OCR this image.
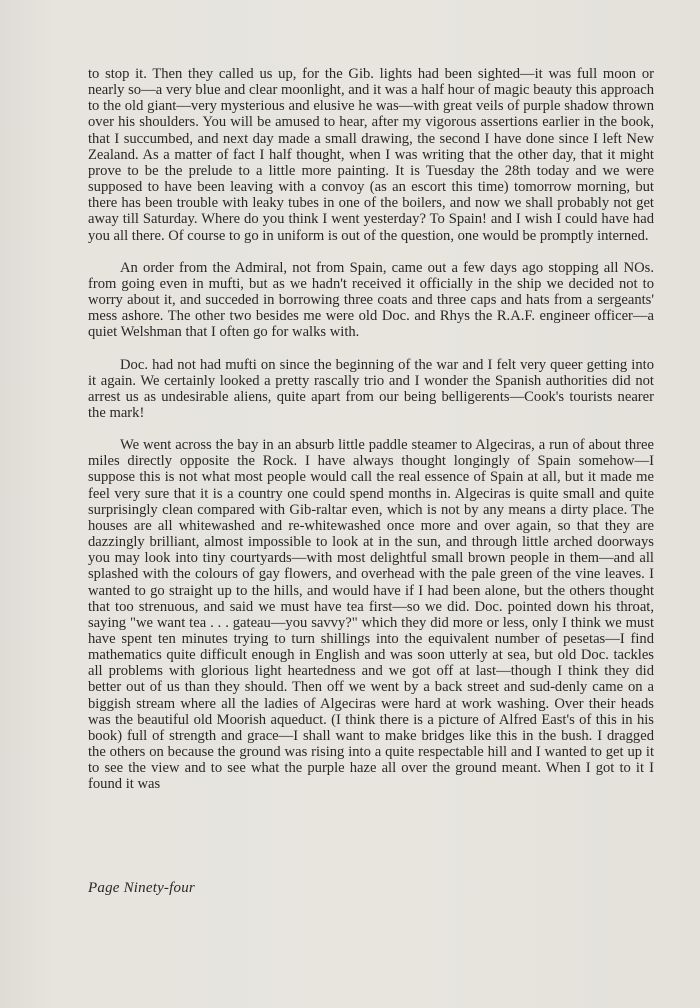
to stop it. Then they called us up, for the Gib. lights had been sighted—it was full moon or nearly so—a very blue and clear moonlight, and it was a half hour of magic beauty this approach to the old giant—very mysterious and elusive he was—with great veils of purple shadow thrown over his shoulders. You will be amused to hear, after my vigorous assertions earlier in the book, that I succumbed, and next day made a small drawing, the second I have done since I left New Zealand. As a matter of fact I half thought, when I was writing that the other day, that it might prove to be the prelude to a little more painting. It is Tuesday the 28th today and we were supposed to have been leaving with a convoy (as an escort this time) tomorrow morning, but there has been trouble with leaky tubes in one of the boilers, and now we shall probably not get away till Saturday. Where do you think I went yesterday? To Spain! and I wish I could have had you all there. Of course to go in uniform is out of the question, one would be promptly interned.

An order from the Admiral, not from Spain, came out a few days ago stopping all NOs. from going even in mufti, but as we hadn't received it officially in the ship we decided not to worry about it, and succeded in borrowing three coats and three caps and hats from a sergeants' mess ashore. The other two besides me were old Doc. and Rhys the R.A.F. engineer officer—a quiet Welshman that I often go for walks with.

Doc. had not had mufti on since the beginning of the war and I felt very queer getting into it again. We certainly looked a pretty rascally trio and I wonder the Spanish authorities did not arrest us as undesirable aliens, quite apart from our being belligerents—Cook's tourists nearer the mark!

We went across the bay in an absurb little paddle steamer to Algeciras, a run of about three miles directly opposite the Rock. I have always thought longingly of Spain somehow—I suppose this is not what most people would call the real essence of Spain at all, but it made me feel very sure that it is a country one could spend months in. Algeciras is quite small and quite surprisingly clean compared with Gib-raltar even, which is not by any means a dirty place. The houses are all whitewashed and re-whitewashed once more and over again, so that they are dazzingly brilliant, almost impossible to look at in the sun, and through little arched doorways you may look into tiny courtyards—with most delightful small brown people in them—and all splashed with the colours of gay flowers, and overhead with the pale green of the vine leaves. I wanted to go straight up to the hills, and would have if I had been alone, but the others thought that too strenuous, and said we must have tea first—so we did. Doc. pointed down his throat, saying "we want tea . . . gateau—you savvy?" which they did more or less, only I think we must have spent ten minutes trying to turn shillings into the equivalent number of pesetas—I find mathematics quite difficult enough in English and was soon utterly at sea, but old Doc. tackles all problems with glorious light heartedness and we got off at last—though I think they did better out of us than they should. Then off we went by a back street and sud-denly came on a biggish stream where all the ladies of Algeciras were hard at work washing. Over their heads was the beautiful old Moorish aqueduct. (I think there is a picture of Alfred East's of this in his book) full of strength and grace—I shall want to make bridges like this in the bush. I dragged the others on because the ground was rising into a quite respectable hill and I wanted to get up it to see the view and to see what the purple haze all over the ground meant. When I got to it I found it was

Page Ninety-four
